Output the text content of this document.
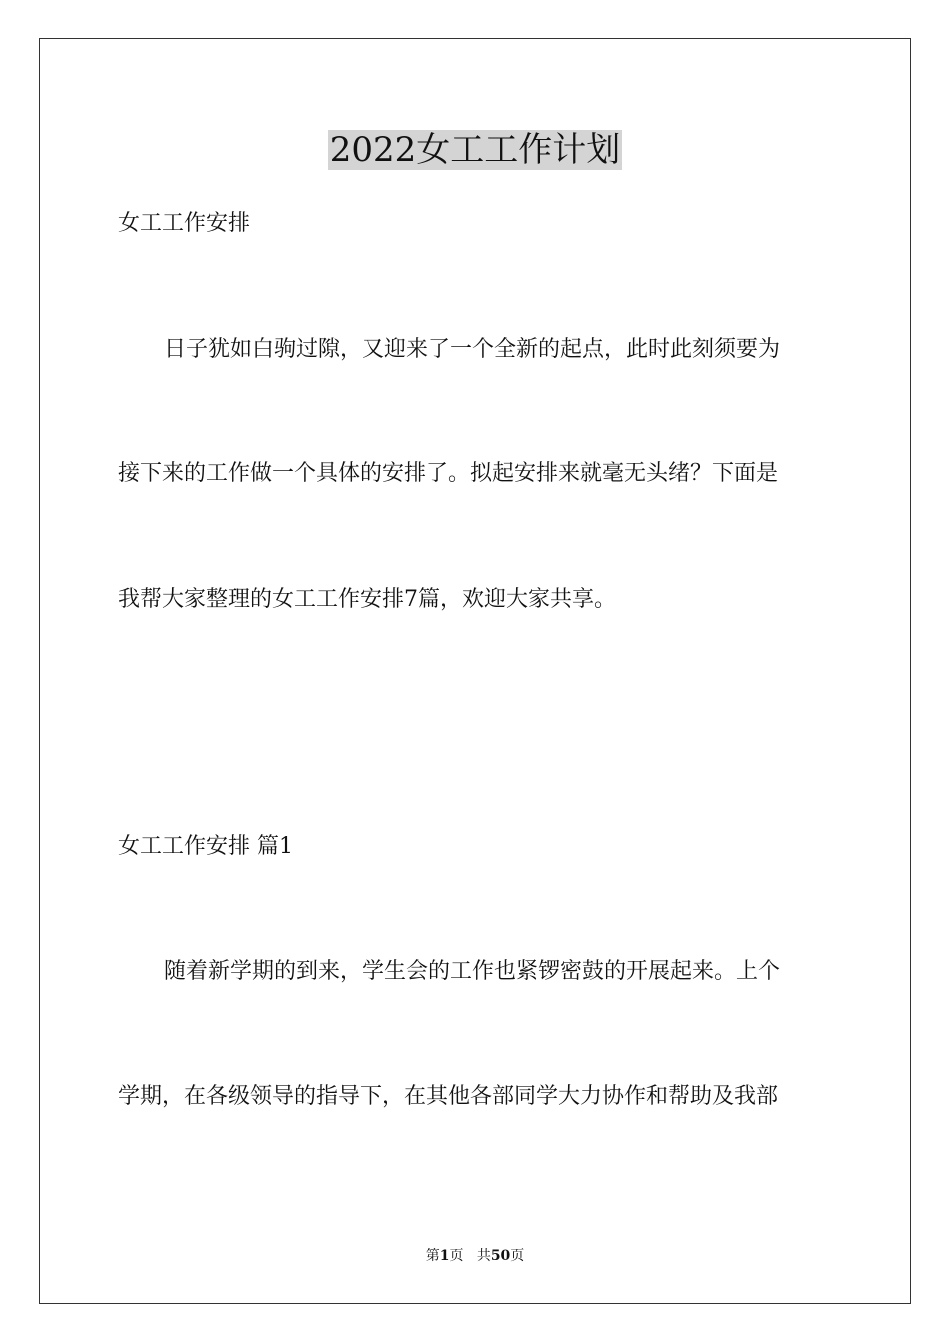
2022女工工作计划

女工工作安排

日子犹如白驹过隙，又迎来了一个全新的起点，此时此刻须要为

接下来的工作做一个具体的安排了。拟起安排来就毫无头绪？下面是

我帮大家整理的女工工作安排7篇，欢迎大家共享。

女工工作安排 篇1

随着新学期的到来，学生会的工作也紧锣密鼓的开展起来。上个

学期，在各级领导的指导下，在其他各部同学大力协作和帮助及我部

第1页 共50页
